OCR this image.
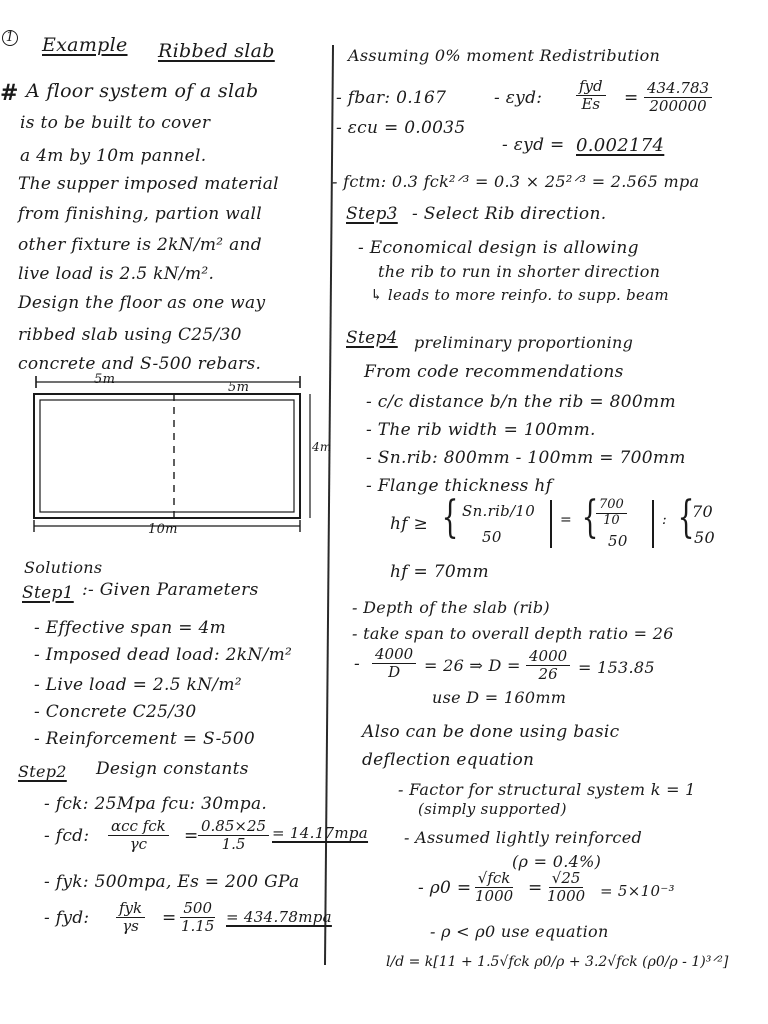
1 Example Ribbed slab
# A floor system of a slab
is to be built to cover
a 4m by 10m pannel.
The supper imposed material
from finishing, partion wall
other fixture is 2kN/m² and
live load is 2.5 kN/m².
Design the floor as one way
ribbed slab using C25/30
concrete and S-500 rebars.
5m
5m
4m
10m
Solutions
Step1 :- Given Parameters
- Effective span = 4m
- Imposed dead load: 2kN/m²
- Live load = 2.5 kN/m²
- Concrete C25/30
- Reinforcement = S-500
Step2 Design constants
- fck: 25Mpa fcu: 30mpa.
- fcd: αcc fck
$\gamma c = \frac{0.85\times 25}{1.5} = 14.17mpa$
- fyk: 500mpa, Es = 200 GPa
- fyd: fyk
$\gamma s = \frac{500}{1.15} = 434.78mpa$
Assuming 0% moment Redistribution
- fbar: 0.167	- εyd:
fyd
$Es = \frac{434.783}{200000}$
- εcu = 0.0035
- εyd = 0.002174
- fctm: 0.3 fck²ᐟ³ = 0.3 × 25²ᐟ³ = 2.565 mpa
Step3 - Select Rib direction.
- Economical design is allowing
the rib to run in shorter direction
↳ leads to more reinfo. to supp. beam
Step4 preliminary proportioning
From code recommendations
- c/c distance b/n the rib = 800mm
- The rib width = 100mm.
- Sn.rib: 800mm - 100mm = 700mm
- Flange thickness hf
hf ≥ { Sn.rib/10
50
= {
$\frac{700}{10}$
50
: {
70
50
hf = 70mm
- Depth of the slab (rib)
- take span to overall depth ratio = 26
- $\frac{4000}{D} = 26$ ⇒ $D = \frac{4000}{26} = 153.85$
use D = 160mm
Also can be done using basic
deflection equation
- Factor for structural system k = 1
(simply supported)
- Assumed lightly reinforced
(ρ = 0.4%)
- ρ0 = √fck
$1000 = \frac{√25}{1000} = 5\times 10^{-3}$
- ρ < ρ0 use equation
l/d = k[11 + 1.5√fck ρ0/ρ + 3.2√fck (ρ0/ρ - 1)³ᐟ²]
